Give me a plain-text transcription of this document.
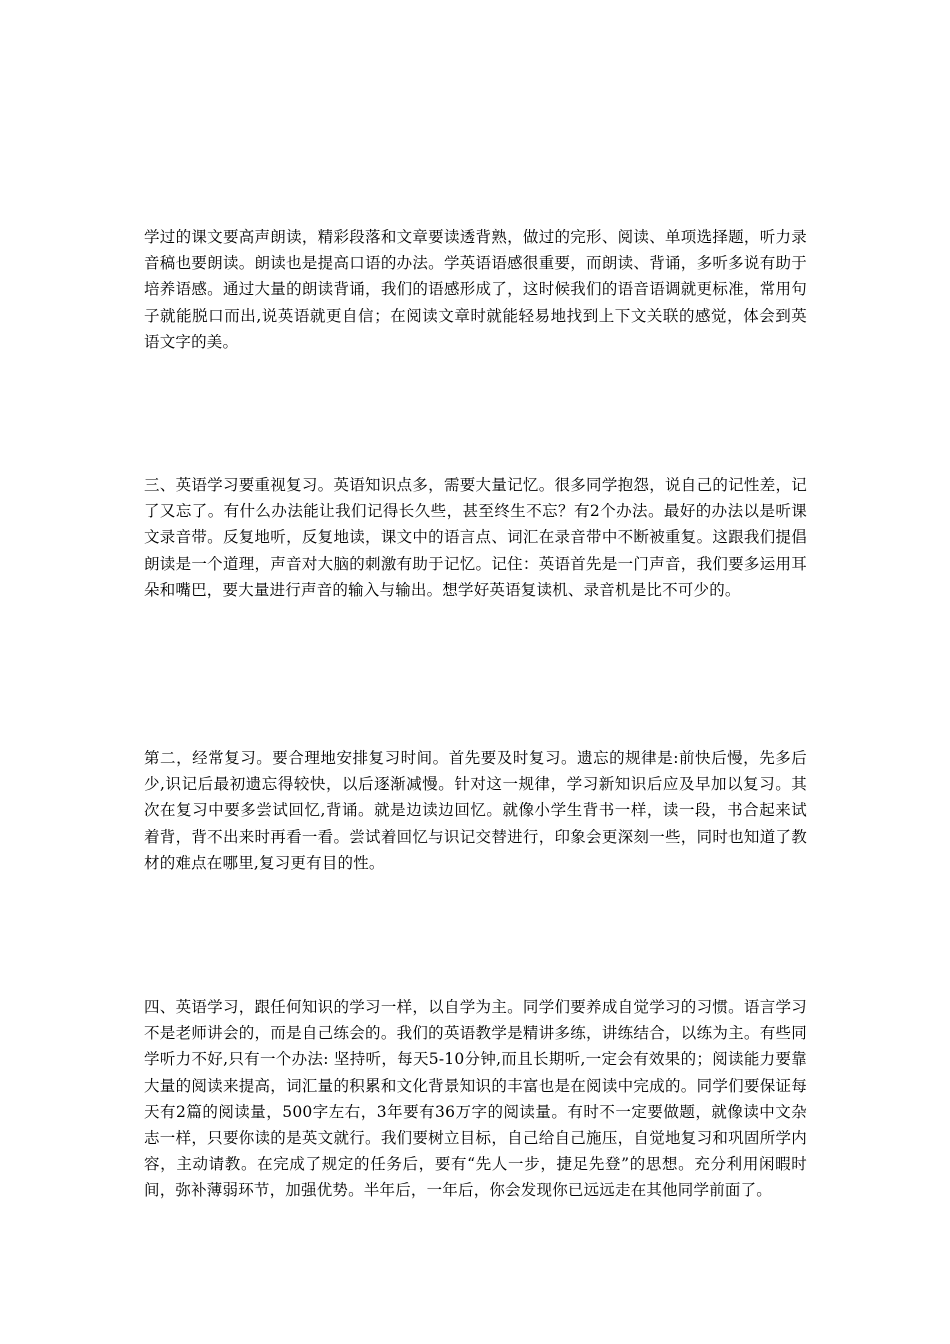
学过的课文要高声朗读，精彩段落和文章要读透背熟，做过的完形、阅读、单项选择题，听力录音稿也要朗读。朗读也是提高口语的办法。学英语语感很重要，而朗读、背诵，多听多说有助于培养语感。通过大量的朗读背诵，我们的语感形成了，这时候我们的语音语调就更标准，常用句子就能脱口而出,说英语就更自信；在阅读文章时就能轻易地找到上下文关联的感觉，体会到英语文字的美。

三、英语学习要重视复习。英语知识点多，需要大量记忆。很多同学抱怨，说自己的记性差，记了又忘了。有什么办法能让我们记得长久些，甚至终生不忘？有2个办法。最好的办法以是听课文录音带。反复地听，反复地读，课文中的语言点、词汇在录音带中不断被重复。这跟我们提倡朗读是一个道理，声音对大脑的刺激有助于记忆。记住：英语首先是一门声音，我们要多运用耳朵和嘴巴，要大量进行声音的输入与输出。想学好英语复读机、录音机是比不可少的。

第二，经常复习。要合理地安排复习时间。首先要及时复习。遗忘的规律是:前快后慢，先多后少,识记后最初遗忘得较快，以后逐渐减慢。针对这一规律，学习新知识后应及早加以复习。其次在复习中要多尝试回忆,背诵。就是边读边回忆。就像小学生背书一样，读一段，书合起来试着背，背不出来时再看一看。尝试着回忆与识记交替进行，印象会更深刻一些，同时也知道了教材的难点在哪里,复习更有目的性。

四、英语学习，跟任何知识的学习一样，以自学为主。同学们要养成自觉学习的习惯。语言学习不是老师讲会的，而是自己练会的。我们的英语教学是精讲多练，讲练结合，以练为主。有些同学听力不好,只有一个办法: 坚持听，每天5-10分钟,而且长期听,一定会有效果的；阅读能力要靠大量的阅读来提高，词汇量的积累和文化背景知识的丰富也是在阅读中完成的。同学们要保证每天有2篇的阅读量，500字左右，3年要有36万字的阅读量。有时不一定要做题，就像读中文杂志一样，只要你读的是英文就行。我们要树立目标，自己给自己施压，自觉地复习和巩固所学内容，主动请教。在完成了规定的任务后，要有“先人一步，捷足先登”的思想。充分利用闲暇时间，弥补薄弱环节，加强优势。半年后，一年后，你会发现你已远远走在其他同学前面了。
